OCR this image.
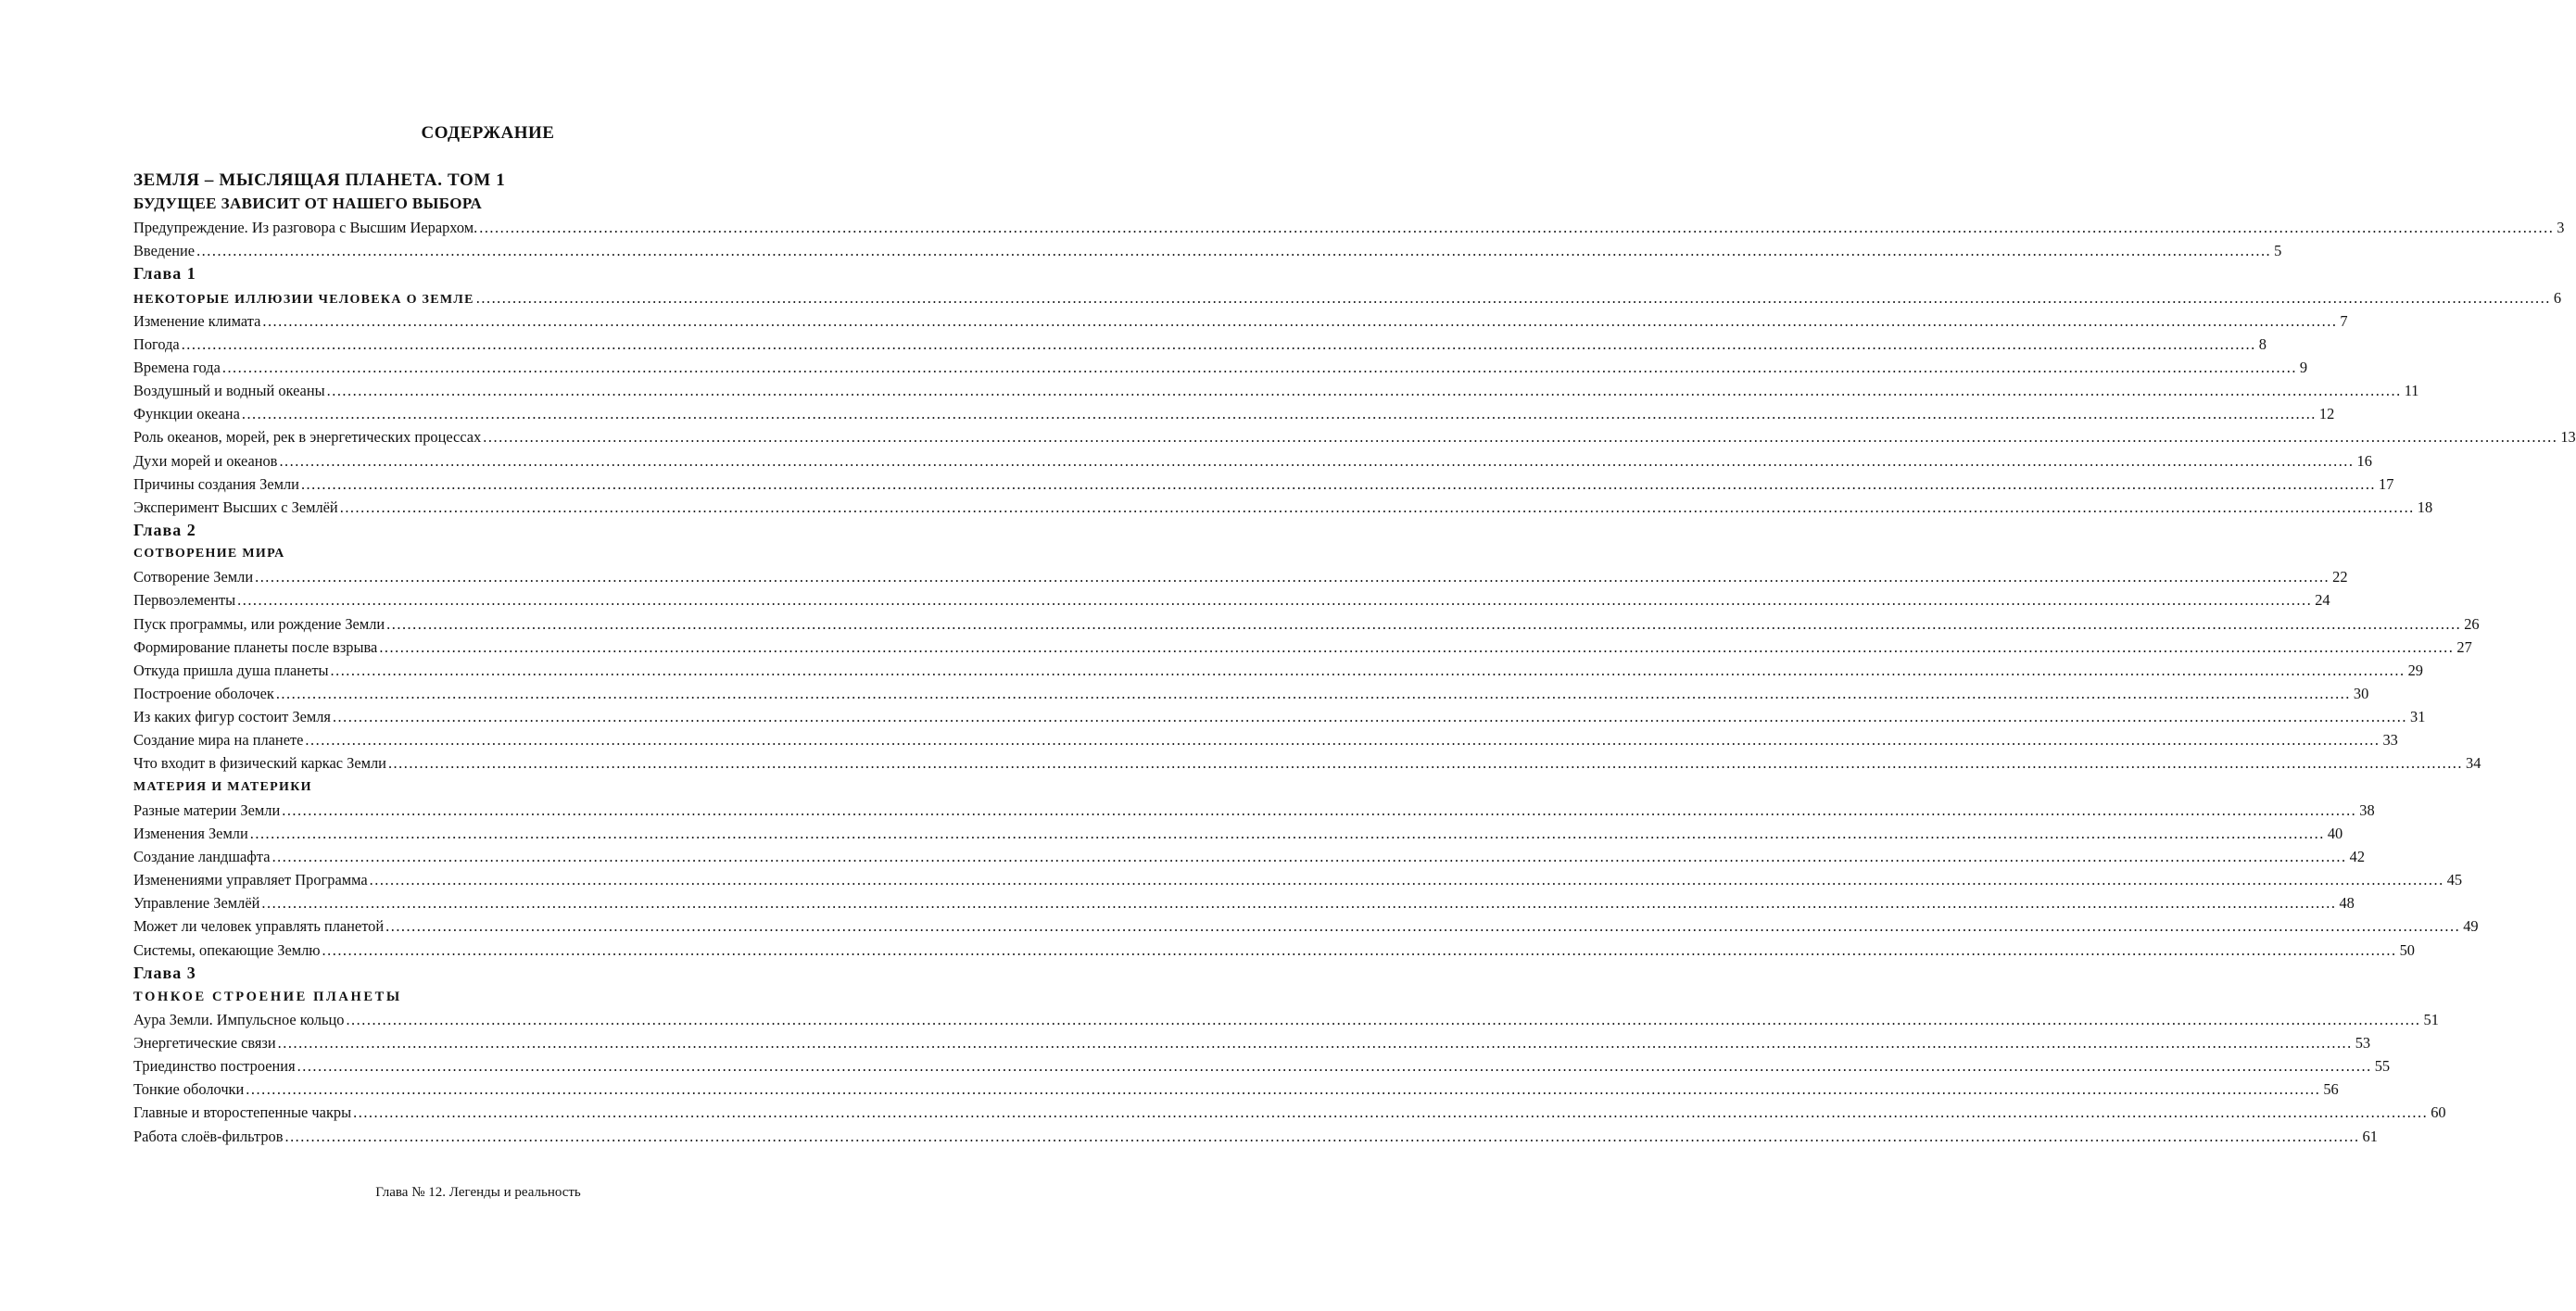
СОДЕРЖАНИЕ
ЗЕМЛЯ – МЫСЛЯЩАЯ ПЛАНЕТА. ТОМ 1
БУДУЩЕЕ ЗАВИСИТ ОТ НАШЕГО ВЫБОРА
Предупреждение. Из разговора с Высшим Иерархом. ................................................................................................................................................................................................................................................................................................................................................................................................................ 3
Введение ................................................................................................................................................................................................................................................................................................................................................................................................................ 5
Глава 1
НЕКОТОРЫЕ ИЛЛЮЗИИ ЧЕЛОВЕКА О ЗЕМЛЕ ................................................................................................................................................................................................................................................................................................................................................................................................................ 6
Изменение климата ................................................................................................................................................................................................................................................................................................................................................................................................................ 7
Погода ................................................................................................................................................................................................................................................................................................................................................................................................................ 8
Времена года ................................................................................................................................................................................................................................................................................................................................................................................................................ 9
Воздушный и водный океаны ................................................................................................................................................................................................................................................................................................................................................................................................................ 11
Функции океана ................................................................................................................................................................................................................................................................................................................................................................................................................ 12
Роль океанов, морей, рек в энергетических процессах ................................................................................................................................................................................................................................................................................................................................................................................................................ 13
Духи морей и океанов ................................................................................................................................................................................................................................................................................................................................................................................................................ 16
Причины создания Земли ................................................................................................................................................................................................................................................................................................................................................................................................................ 17
Эксперимент Высших с Землёй ................................................................................................................................................................................................................................................................................................................................................................................................................ 18
Глава 2
СОТВОРЕНИЕ МИРА
Сотворение Земли ................................................................................................................................................................................................................................................................................................................................................................................................................ 22
Первоэлементы ................................................................................................................................................................................................................................................................................................................................................................................................................ 24
Пуск программы, или рождение Земли ................................................................................................................................................................................................................................................................................................................................................................................................................ 26
Формирование планеты после взрыва ................................................................................................................................................................................................................................................................................................................................................................................................................ 27
Откуда пришла душа планеты ................................................................................................................................................................................................................................................................................................................................................................................................................ 29
Построение оболочек ................................................................................................................................................................................................................................................................................................................................................................................................................ 30
Из каких фигур состоит Земля ................................................................................................................................................................................................................................................................................................................................................................................................................ 31
Создание мира на планете ................................................................................................................................................................................................................................................................................................................................................................................................................ 33
Что входит в физический каркас Земли ................................................................................................................................................................................................................................................................................................................................................................................................................ 34
МАТЕРИЯ И МАТЕРИКИ
Разные материи Земли ................................................................................................................................................................................................................................................................................................................................................................................................................ 38
Изменения Земли ................................................................................................................................................................................................................................................................................................................................................................................................................ 40
Создание ландшафта ................................................................................................................................................................................................................................................................................................................................................................................................................ 42
Изменениями управляет Программа ................................................................................................................................................................................................................................................................................................................................................................................................................ 45
Управление Землёй ................................................................................................................................................................................................................................................................................................................................................................................................................ 48
Может ли человек управлять планетой ................................................................................................................................................................................................................................................................................................................................................................................................................ 49
Системы, опекающие Землю ................................................................................................................................................................................................................................................................................................................................................................................................................ 50
Глава 3
ТОНКОЕ СТРОЕНИЕ ПЛАНЕТЫ
Аура Земли. Импульсное кольцо ................................................................................................................................................................................................................................................................................................................................................................................................................ 51
Энергетические связи ................................................................................................................................................................................................................................................................................................................................................................................................................ 53
Триединство построения ................................................................................................................................................................................................................................................................................................................................................................................................................ 55
Тонкие оболочки ................................................................................................................................................................................................................................................................................................................................................................................................................ 56
Главные и второстепенные чакры ................................................................................................................................................................................................................................................................................................................................................................................................................ 60
Работа слоёв-фильтров ................................................................................................................................................................................................................................................................................................................................................................................................................ 61
Глава № 12. Легенды и реальность
